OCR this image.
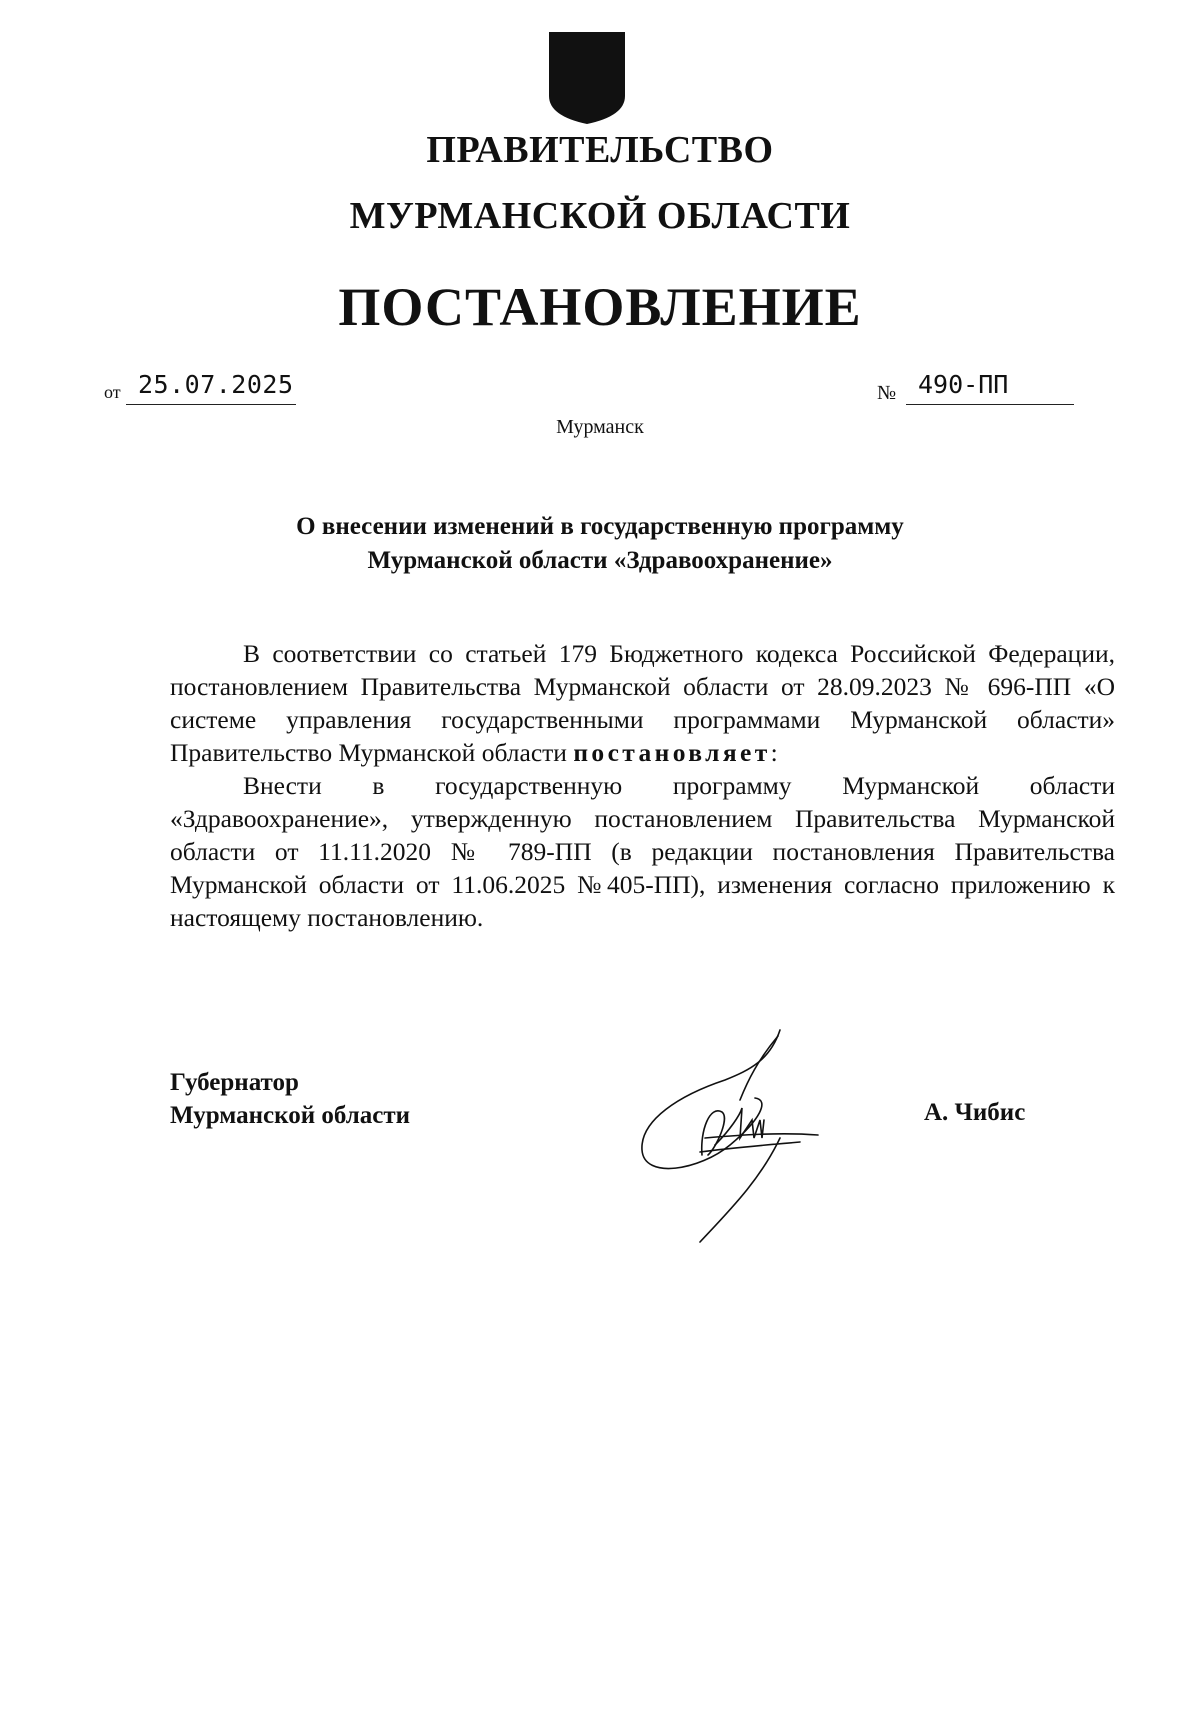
ПРАВИТЕЛЬСТВО
МУРМАНСКОЙ ОБЛАСТИ
ПОСТАНОВЛЕНИЕ
от 25.07.2025	№ 490-ПП
Мурманск
О внесении изменений в государственную программу
Мурманской области «Здравоохранение»

В соответствии со статьей 179 Бюджетного кодекса Российской Федерации, постановлением Правительства Мурманской области от 28.09.2023 № 696-ПП «О системе управления государственными программами Мурманской области» Правительство Мурманской области постановляет:

Внести в государственную программу Мурманской области «Здравоохранение», утвержденную постановлением Правительства Мурманской области от 11.11.2020 № 789-ПП (в редакции постановления Правительства Мурманской области от 11.06.2025 №405-ПП), изменения согласно приложению к настоящему постановлению.

Губернатор
Мурманской области	А. Чибис
